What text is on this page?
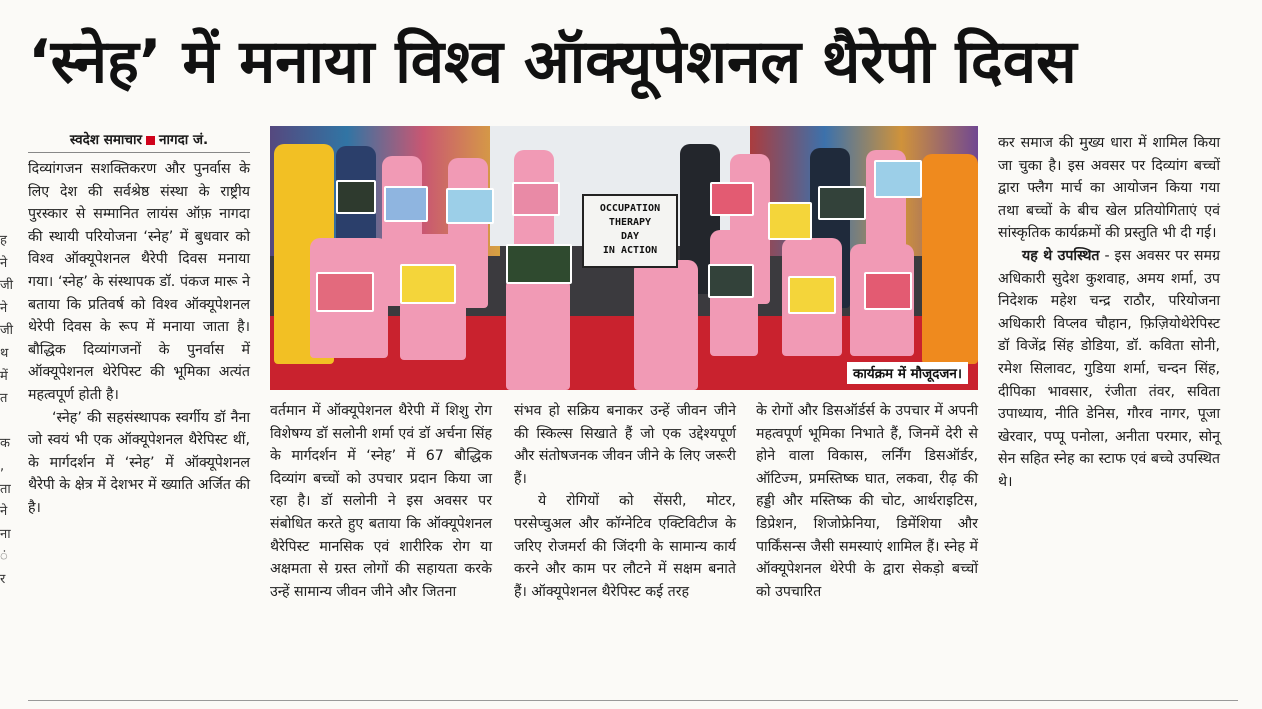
‘स्नेह’ में मनाया विश्व ऑक्यूपेशनल थैरेपी दिवस
स्वदेश समाचार नागदा जं.
ह
ने
जी
ने
जी
थ
में
त
क
,
ता
ने
ना
ं
र

दिव्यांगजन सशक्तिकरण और पुनर्वास के लिए देश की सर्वश्रेष्ठ संस्था के राष्ट्रीय पुरस्कार से सम्मानित लायंस ऑफ़ नागदा की स्थायी परियोजना ‘स्नेह’ में बुधवार को विश्व ऑक्यूपेशनल थैरेपी दिवस मनाया गया। ‘स्नेह’ के संस्थापक डॉ. पंकज मारू ने बताया कि प्रतिवर्ष को विश्व ऑक्यूपेशनल थेरेपी दिवस के रूप में मनाया जाता है। बौद्धिक दिव्यांगजनों के पुनर्वास में ऑक्यूपेशनल थेरेपिस्ट की भूमिका अत्यंत महत्वपूर्ण होती है।

‘स्नेह’ की सहसंस्थापक स्वर्गीय डॉ नैना जो स्वयं भी एक ऑक्यूपेशनल थैरेपिस्ट थीं, के मार्गदर्शन में ‘स्नेह’ में ऑक्यूपेशनल थैरेपी के क्षेत्र में देशभर में ख्याति अर्जित की है।

OCCUPATION
THERAPY
DAY
IN ACTION
कार्यक्रम में मौजूदजन।

वर्तमान में ऑक्यूपेशनल थैरेपी में शिशु रोग विशेषग्य डॉ सलोनी शर्मा एवं डॉ अर्चना सिंह के मार्गदर्शन में ‘स्नेह’ में 67 बौद्धिक दिव्यांग बच्चों को उपचार प्रदान किया जा रहा है। डॉ सलोनी ने इस अवसर पर संबोधित करते हुए बताया कि ऑक्यूपेशनल थैरेपिस्ट मानसिक एवं शारीरिक रोग या अक्षमता से ग्रस्त लोगों की सहायता करके उन्हें सामान्य जीवन जीने और जितना

संभव हो सक्रिय बनाकर उन्हें जीवन जीने की स्किल्स सिखाते हैं जो एक उद्देश्यपूर्ण और संतोषजनक जीवन जीने के लिए जरूरी हैं।

ये रोगियों को सेंसरी, मोटर, परसेप्चुअल और कॉग्नेटिव एक्टिविटीज के जरिए रोजमर्रा की जिंदगी के सामान्य कार्य करने और काम पर लौटने में सक्षम बनाते हैं। ऑक्यूपेशनल थैरेपिस्ट कई तरह

के रोगों और डिसऑर्डर्स के उपचार में अपनी महत्वपूर्ण भूमिका निभाते हैं, जिनमें देरी से होने वाला विकास, लर्निंग डिसऑर्डर, ऑटिज्म, प्रमस्तिष्क घात, लकवा, रीढ़ की हड्डी और मस्तिष्क की चोट, आर्थराइटिस, डिप्रेशन, शिजोफ्रेनिया, डिमेंशिया और पार्किंसन्स जैसी समस्याएं शामिल हैं। स्नेह में ऑक्यूपेशनल थेरेपी के द्वारा सेकड़ो बच्चों को उपचारित

कर समाज की मुख्य धारा में शामिल किया जा चुका है। इस अवसर पर दिव्यांग बच्चों द्वारा फ्लैग मार्च का आयोजन किया गया तथा बच्चों के बीच खेल प्रतियोगिताएं एवं सांस्कृतिक कार्यक्रमों की प्रस्तुति भी दी गई।

यह थे उपस्थित - इस अवसर पर समग्र अधिकारी सुदेश कुशवाह, अमय शर्मा, उप निदेशक महेश चन्द्र राठौर, परियोजना अधिकारी विप्लव चौहान, फ़िज़ियोथेरेपिस्ट डॉ विजेंद्र सिंह डोडिया, डॉ. कविता सोनी, रमेश सिलावट, गुडिया शर्मा, चन्दन सिंह, दीपिका भावसार, रंजीता तंवर, सविता उपाध्याय, नीति डेनिस, गौरव नागर, पूजा खेरवार, पप्पू पनोला, अनीता परमार, सोनू सेन सहित स्नेह का स्टाफ एवं बच्चे उपस्थित थे।
